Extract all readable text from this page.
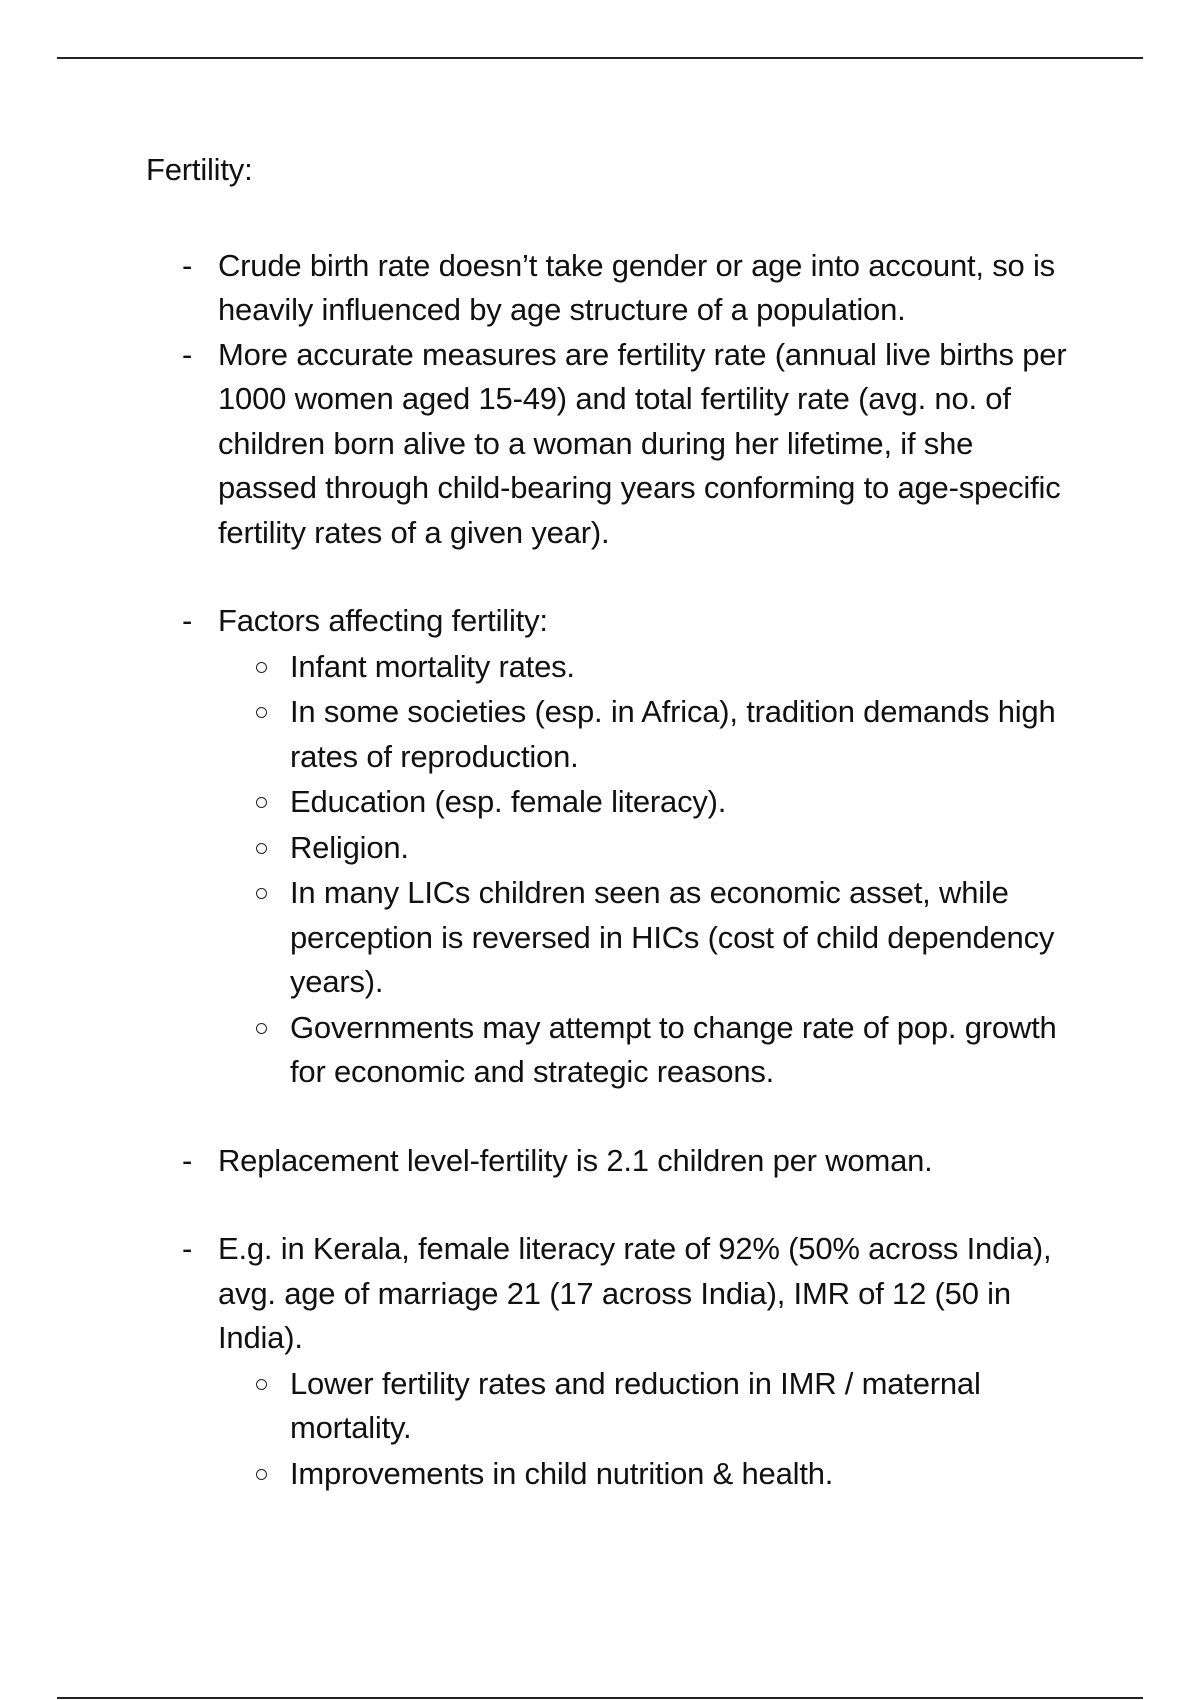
Fertility:
- Crude birth rate doesn’t take gender or age into account, so is heavily influenced by age structure of a population.
- More accurate measures are fertility rate (annual live births per 1000 women aged 15-49) and total fertility rate (avg. no. of children born alive to a woman during her lifetime, if she passed through child-bearing years conforming to age-specific fertility rates of a given year).
- Factors affecting fertility:
Infant mortality rates.
In some societies (esp. in Africa), tradition demands high rates of reproduction.
Education (esp. female literacy).
Religion.
In many LICs children seen as economic asset, while perception is reversed in HICs (cost of child dependency years).
Governments may attempt to change rate of pop. growth for economic and strategic reasons.
- Replacement level-fertility is 2.1 children per woman.
- E.g. in Kerala, female literacy rate of 92% (50% across India), avg. age of marriage 21 (17 across India), IMR of 12 (50 in India).
Lower fertility rates and reduction in IMR / maternal mortality.
Improvements in child nutrition & health.
